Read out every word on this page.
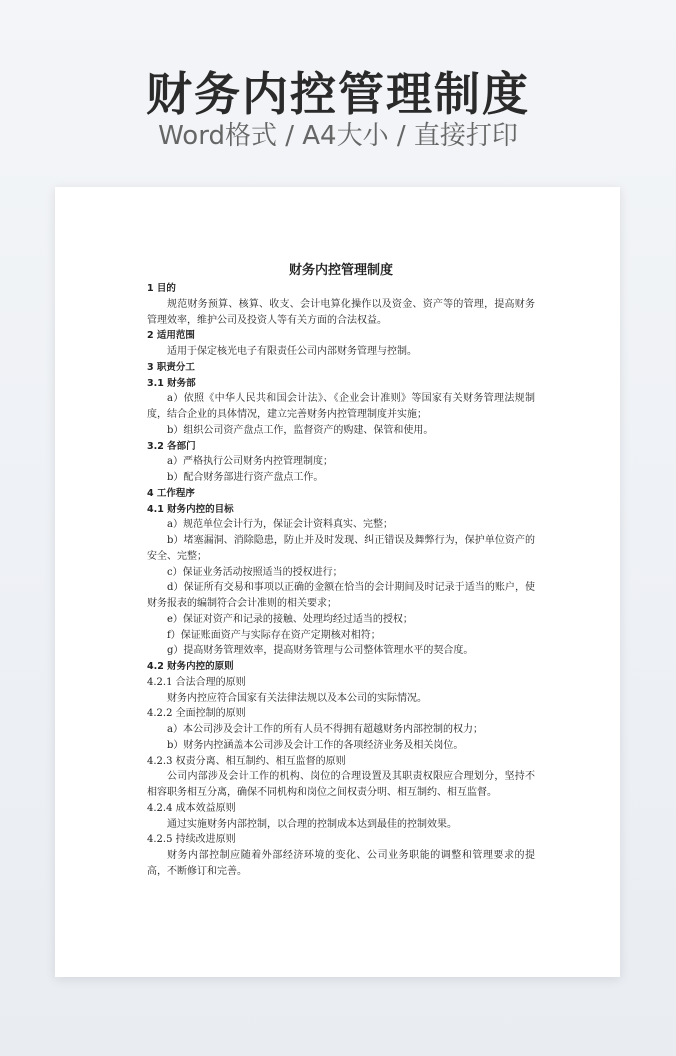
财务内控管理制度
Word格式 / A4大小 / 直接打印
财务内控管理制度
1 目的
规范财务预算、核算、收支、会计电算化操作以及资金、资产等的管理，提高财务管理效率，维护公司及投资人等有关方面的合法权益。
2 适用范围
适用于保定核光电子有限责任公司内部财务管理与控制。
3 职责分工
3.1 财务部
a）依照《中华人民共和国会计法》、《企业会计准则》等国家有关财务管理法规制度，结合企业的具体情况，建立完善财务内控管理制度并实施；
b）组织公司资产盘点工作，监督资产的购建、保管和使用。
3.2 各部门
a）严格执行公司财务内控管理制度；
b）配合财务部进行资产盘点工作。
4 工作程序
4.1 财务内控的目标
a）规范单位会计行为，保证会计资料真实、完整；
b）堵塞漏洞、消除隐患，防止并及时发现、纠正错误及舞弊行为，保护单位资产的安全、完整；
c）保证业务活动按照适当的授权进行；
d）保证所有交易和事项以正确的金额在恰当的会计期间及时记录于适当的账户，使财务报表的编制符合会计准则的相关要求；
e）保证对资产和记录的接触、处理均经过适当的授权；
f）保证账面资产与实际存在资产定期核对相符；
g）提高财务管理效率，提高财务管理与公司整体管理水平的契合度。
4.2 财务内控的原则
4.2.1 合法合理的原则
财务内控应符合国家有关法律法规以及本公司的实际情况。
4.2.2 全面控制的原则
a）本公司涉及会计工作的所有人员不得拥有超越财务内部控制的权力；
b）财务内控涵盖本公司涉及会计工作的各项经济业务及相关岗位。
4.2.3 权责分离、相互制约、相互监督的原则
公司内部涉及会计工作的机构、岗位的合理设置及其职责权限应合理划分，坚持不相容职务相互分离，确保不同机构和岗位之间权责分明、相互制约、相互监督。
4.2.4 成本效益原则
通过实施财务内部控制，以合理的控制成本达到最佳的控制效果。
4.2.5 持续改进原则
财务内部控制应随着外部经济环境的变化、公司业务职能的调整和管理要求的提高，不断修订和完善。
